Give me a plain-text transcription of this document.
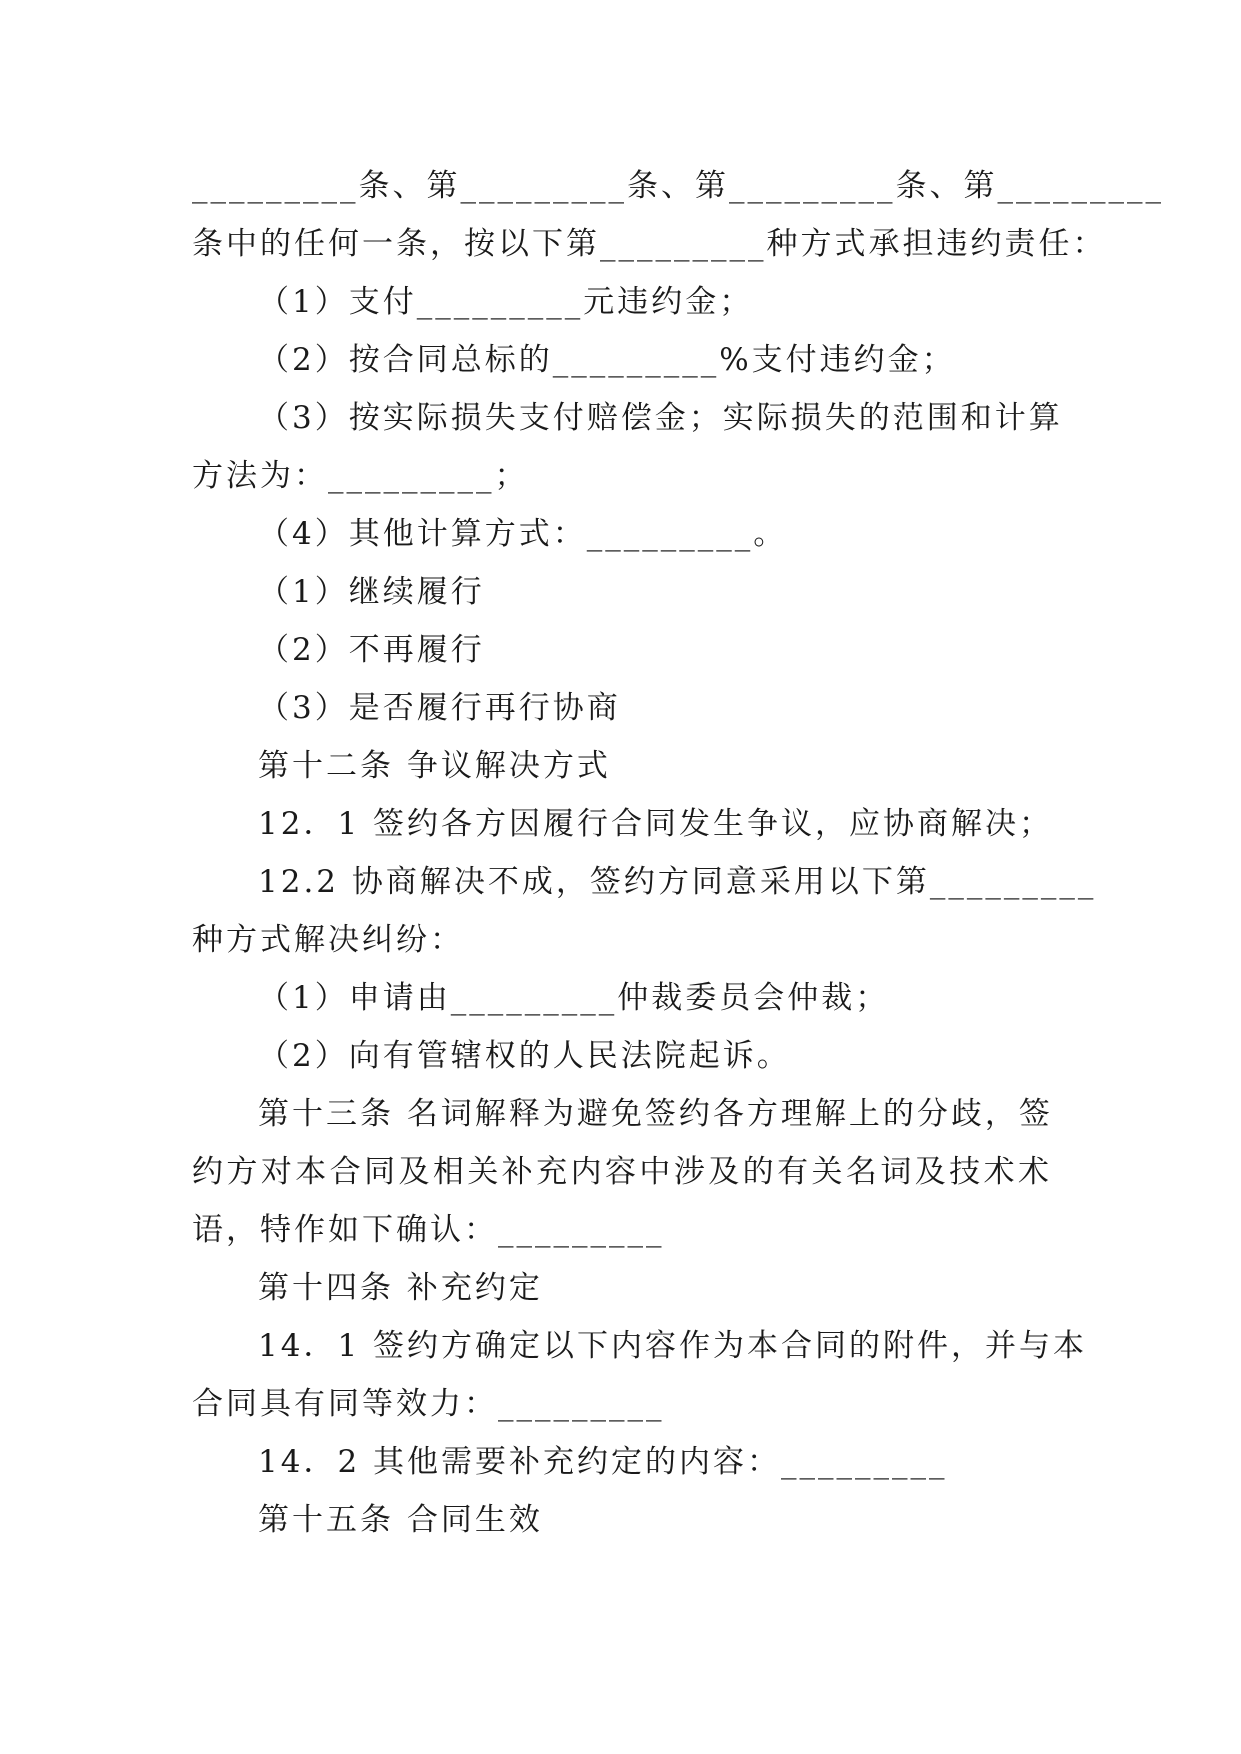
_________条、第_________条、第_________条、第_________
条中的任何一条，按以下第_________种方式承担违约责任：
（1）支付_________元违约金；
（2）按合同总标的_________%支付违约金；
（3）按实际损失支付赔偿金；实际损失的范围和计算
方法为：_________；
（4）其他计算方式：_________。
（1）继续履行
（2）不再履行
（3）是否履行再行协商
第十二条 争议解决方式
12．1 签约各方因履行合同发生争议，应协商解决；
12.2 协商解决不成，签约方同意采用以下第_________
种方式解决纠纷：
（1）申请由_________仲裁委员会仲裁；
（2）向有管辖权的人民法院起诉。
第十三条 名词解释为避免签约各方理解上的分歧，签
约方对本合同及相关补充内容中涉及的有关名词及技术术
语，特作如下确认：_________
第十四条 补充约定
14．1 签约方确定以下内容作为本合同的附件，并与本
合同具有同等效力：_________
14．2 其他需要补充约定的内容：_________
第十五条 合同生效
